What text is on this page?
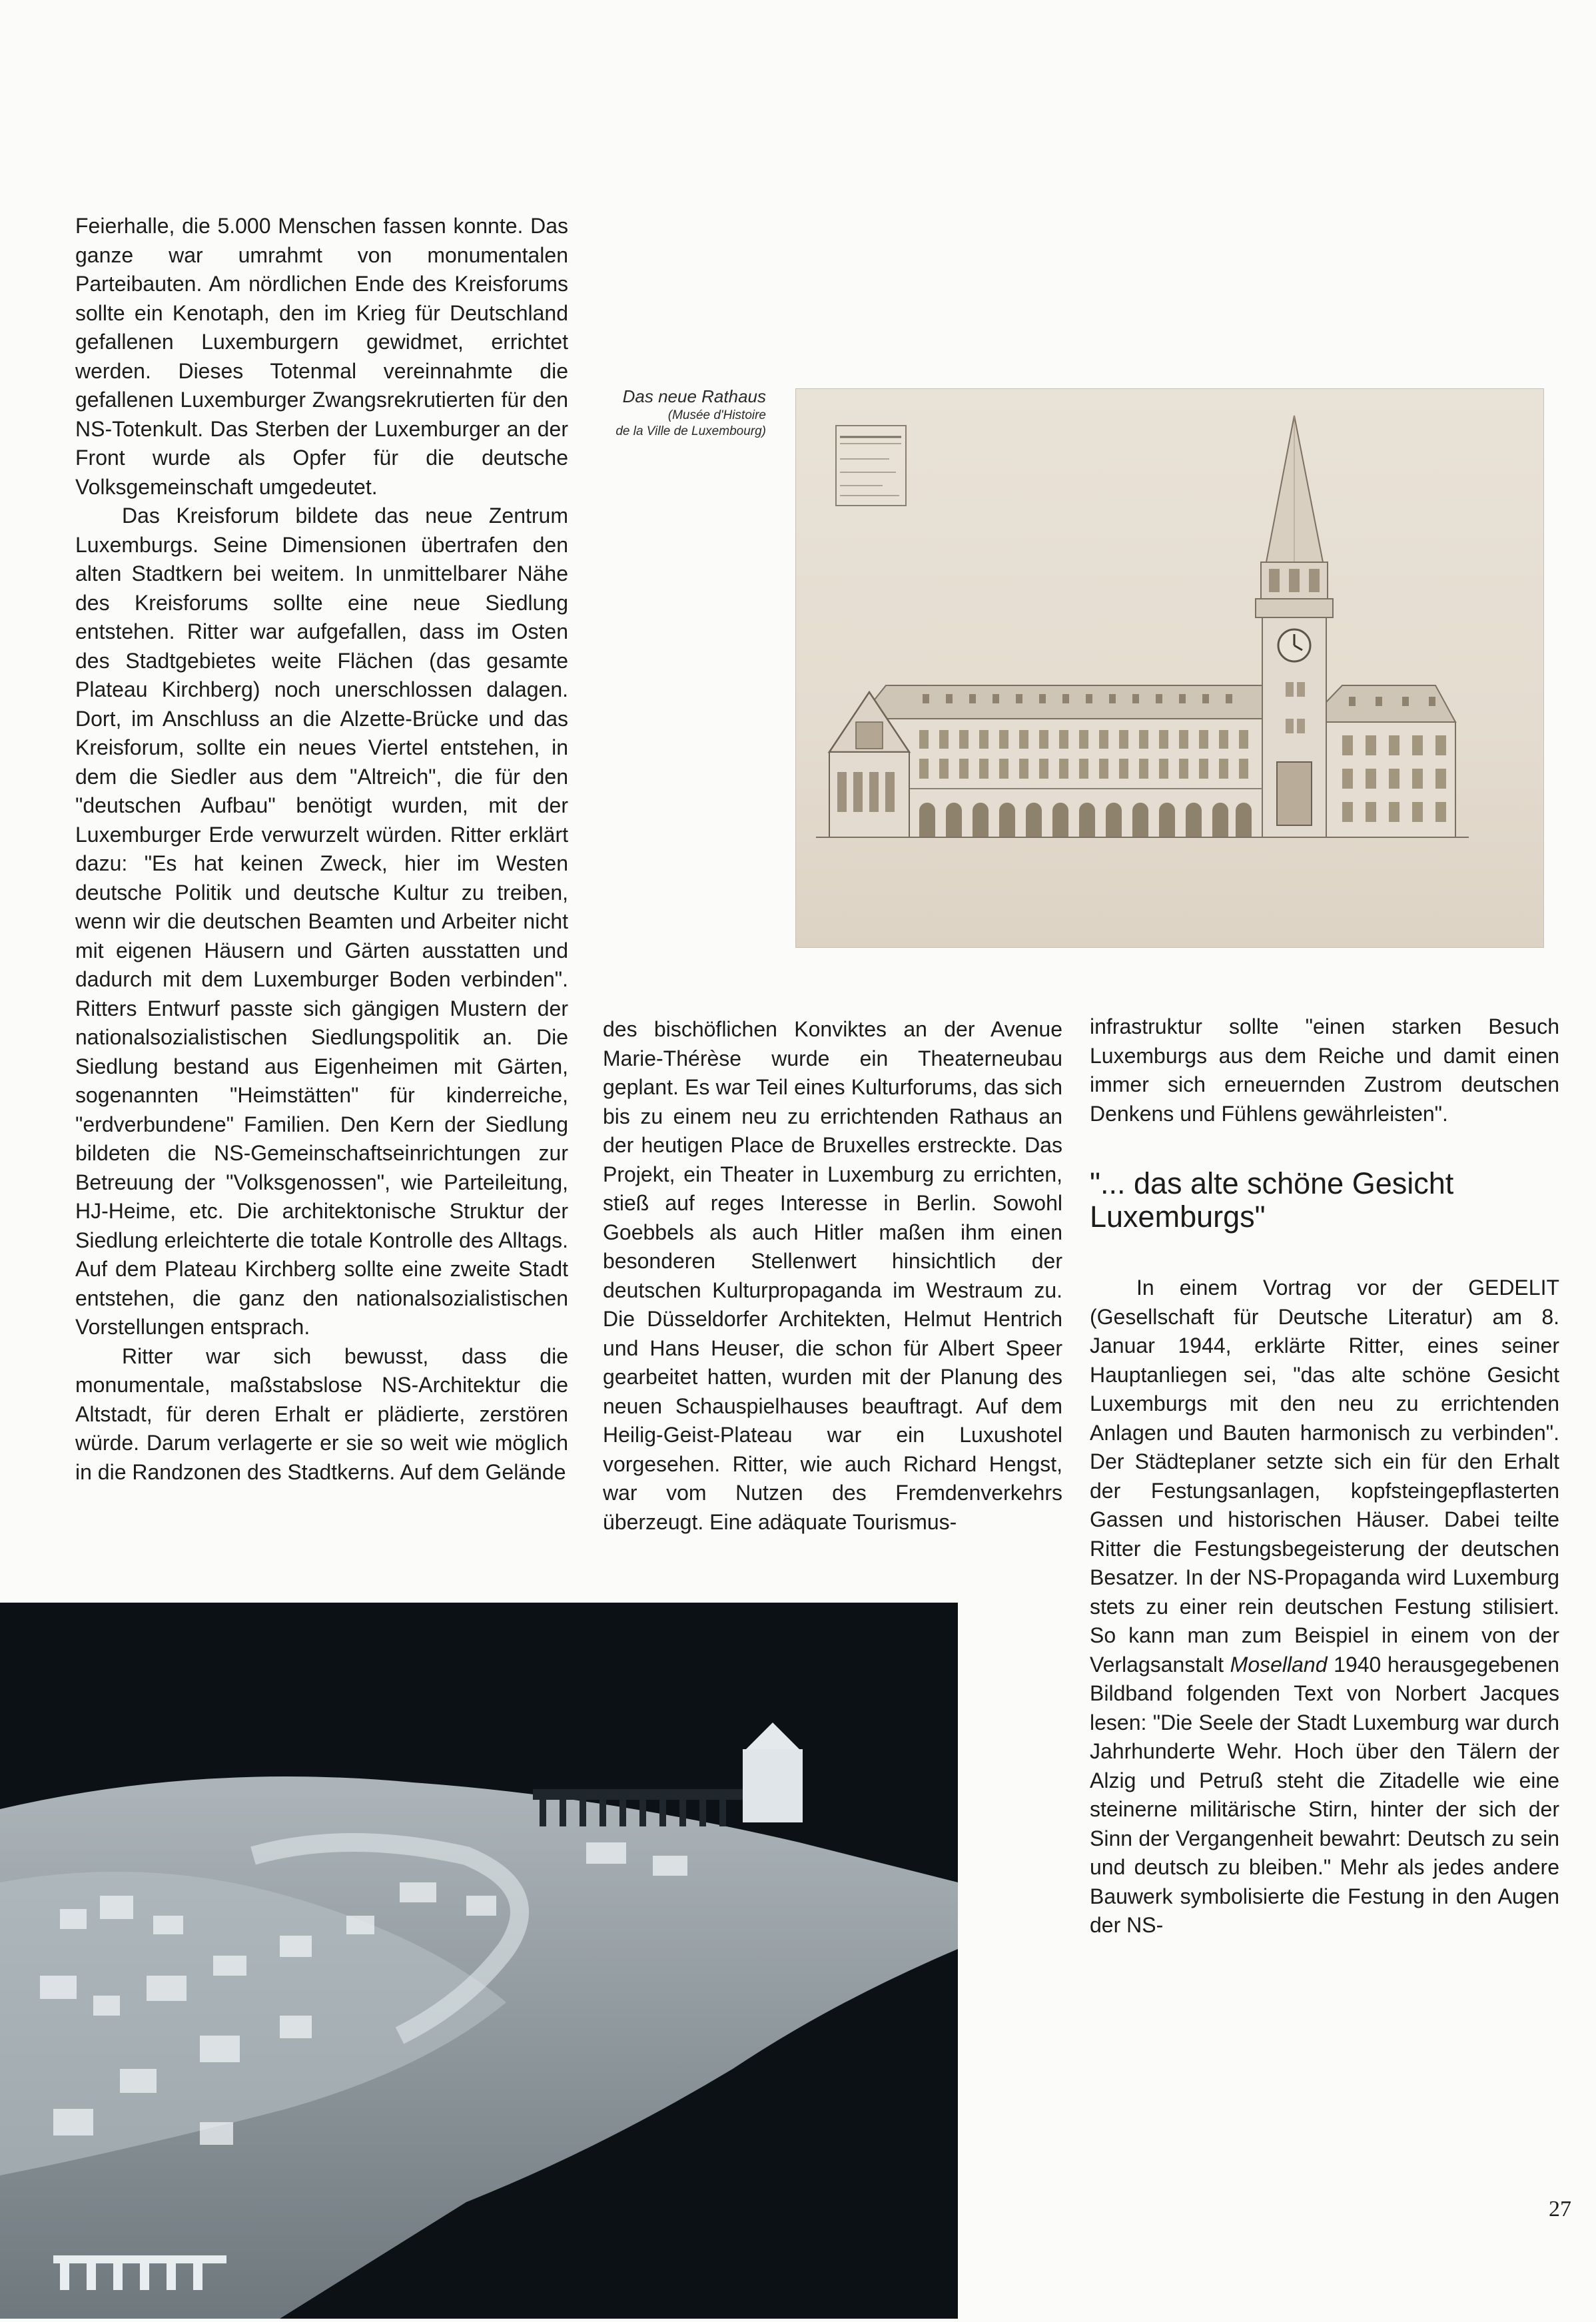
Feierhalle, die 5.000 Menschen fassen konnte. Das ganze war umrahmt von monumentalen Parteibauten. Am nördlichen Ende des Kreisforums sollte ein Kenotaph, den im Krieg für Deutschland gefallenen Luxemburgern gewidmet, errichtet werden. Dieses Totenmal vereinnahmte die gefallenen Luxemburger Zwangsrekrutierten für den NS-Totenkult. Das Sterben der Luxemburger an der Front wurde als Opfer für die deutsche Volksgemeinschaft umgedeutet.

Das Kreisforum bildete das neue Zentrum Luxemburgs. Seine Dimensionen übertrafen den alten Stadtkern bei weitem. In unmittelbarer Nähe des Kreisforums sollte eine neue Siedlung entstehen. Ritter war aufgefallen, dass im Osten des Stadtgebietes weite Flächen (das gesamte Plateau Kirchberg) noch unerschlossen dalagen. Dort, im Anschluss an die Alzette-Brücke und das Kreisforum, sollte ein neues Viertel entstehen, in dem die Siedler aus dem "Altreich", die für den "deutschen Aufbau" benötigt wurden, mit der Luxemburger Erde verwurzelt würden. Ritter erklärt dazu: "Es hat keinen Zweck, hier im Westen deutsche Politik und deutsche Kultur zu treiben, wenn wir die deutschen Beamten und Arbeiter nicht mit eigenen Häusern und Gärten ausstatten und dadurch mit dem Luxemburger Boden verbinden". Ritters Entwurf passte sich gängigen Mustern der nationalsozialistischen Siedlungspolitik an. Die Siedlung bestand aus Eigenheimen mit Gärten, sogenannten "Heimstätten" für kinderreiche, "erdverbundene" Familien. Den Kern der Siedlung bildeten die NS-Gemeinschaftseinrichtungen zur Betreuung der "Volksgenossen", wie Parteileitung, HJ-Heime, etc. Die architektonische Struktur der Siedlung erleichterte die totale Kontrolle des Alltags. Auf dem Plateau Kirchberg sollte eine zweite Stadt entstehen, die ganz den nationalsozialistischen Vorstellungen entsprach.

Ritter war sich bewusst, dass die monumentale, maßstabslose NS-Architektur die Altstadt, für deren Erhalt er plädierte, zerstören würde. Darum verlagerte er sie so weit wie möglich in die Randzonen des Stadtkerns. Auf dem Gelände

Das neue Rathaus
(Musée d'Histoire
de la Ville de Luxembourg)

des bischöflichen Konviktes an der Avenue Marie-Thérèse wurde ein Theaterneubau geplant. Es war Teil eines Kulturforums, das sich bis zu einem neu zu errichtenden Rathaus an der heutigen Place de Bruxelles erstreckte. Das Projekt, ein Theater in Luxemburg zu errichten, stieß auf reges Interesse in Berlin. Sowohl Goebbels als auch Hitler maßen ihm einen besonderen Stellenwert hinsichtlich der deutschen Kulturpropaganda im Westraum zu. Die Düsseldorfer Architekten, Helmut Hentrich und Hans Heuser, die schon für Albert Speer gearbeitet hatten, wurden mit der Planung des neuen Schauspielhauses beauftragt. Auf dem Heilig-Geist-Plateau war ein Luxushotel vorgesehen. Ritter, wie auch Richard Hengst, war vom Nutzen des Fremdenverkehrs überzeugt. Eine adäquate Tourismus-

infrastruktur sollte "einen starken Besuch Luxemburgs aus dem Reiche und damit einen immer sich erneuernden Zustrom deutschen Denkens und Fühlens gewährleisten".

"... das alte schöne Gesicht Luxemburgs"

In einem Vortrag vor der GEDELIT (Gesellschaft für Deutsche Literatur) am 8. Januar 1944, erklärte Ritter, eines seiner Hauptanliegen sei, "das alte schöne Gesicht Luxemburgs mit den neu zu errichtenden Anlagen und Bauten harmonisch zu verbinden". Der Städteplaner setzte sich ein für den Erhalt der Festungsanlagen, kopfsteingepflasterten Gassen und historischen Häuser. Dabei teilte Ritter die Festungsbegeisterung der deutschen Besatzer. In der NS-Propaganda wird Luxemburg stets zu einer rein deutschen Festung stilisiert. So kann man zum Beispiel in einem von der Verlagsanstalt Moselland 1940 herausgegebenen Bildband folgenden Text von Norbert Jacques lesen: "Die Seele der Stadt Luxemburg war durch Jahrhunderte Wehr. Hoch über den Tälern der Alzig und Petruß steht die Zitadelle wie eine steinerne militärische Stirn, hinter der sich der Sinn der Vergangenheit bewahrt: Deutsch zu sein und deutsch zu bleiben." Mehr als jedes andere Bauwerk symbolisierte die Festung in den Augen der NS-

27
